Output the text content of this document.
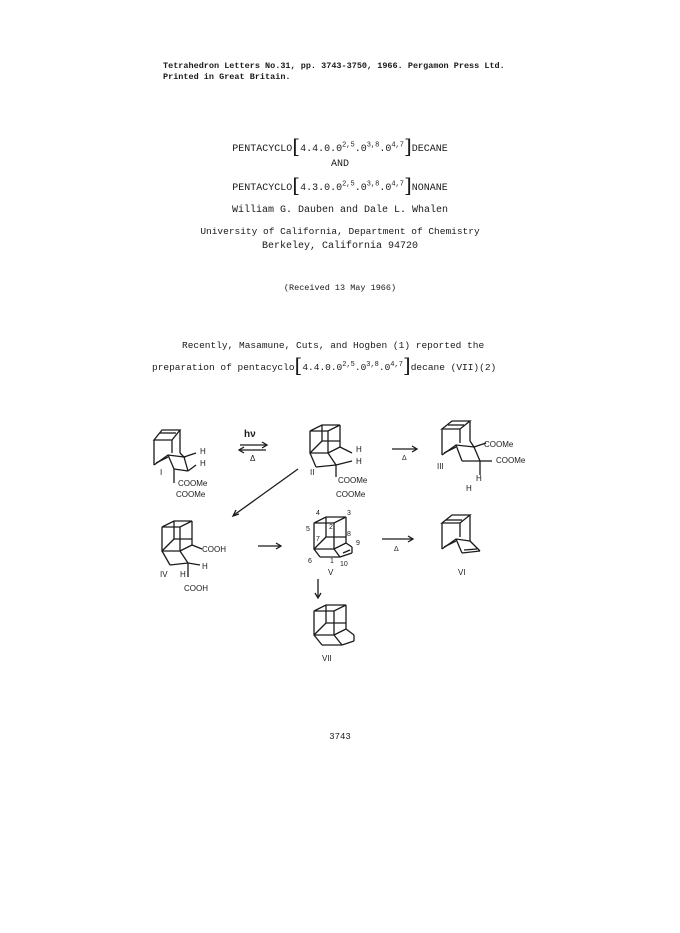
Tetrahedron Letters No.31, pp. 3743-3750, 1966. Pergamon Press Ltd.
Printed in Great Britain.
PENTACYCLO[4.4.0.0$^{2,5}$.0$^{3,8}$.0$^{4,7}$]DECANE
AND
PENTACYCLO[4.3.0.0$^{2,5}$.0$^{3,8}$.0$^{4,7}$]NONANE
William G. Dauben and Dale L. Whalen
University of California, Department of Chemistry
Berkeley, California 94720
(Received 13 May 1966)
Recently, Masamune, Cuts, and Hogben (1) reported the
preparation of pentacyclo[4.4.0.0$^{2,5}$.0$^{3,8}$.0$^{4,7}$]decane (VII)(2)
H
H
I
COOMe
COOMe
hν
Δ
H
H
II
COOMe
COOMe
Δ
COOMe
COOMe
III
H
H
COOH
H
IV H
COOH
4	3
5	2
7
8
9
6	1 10
V
Δ
VI
VII
3743
